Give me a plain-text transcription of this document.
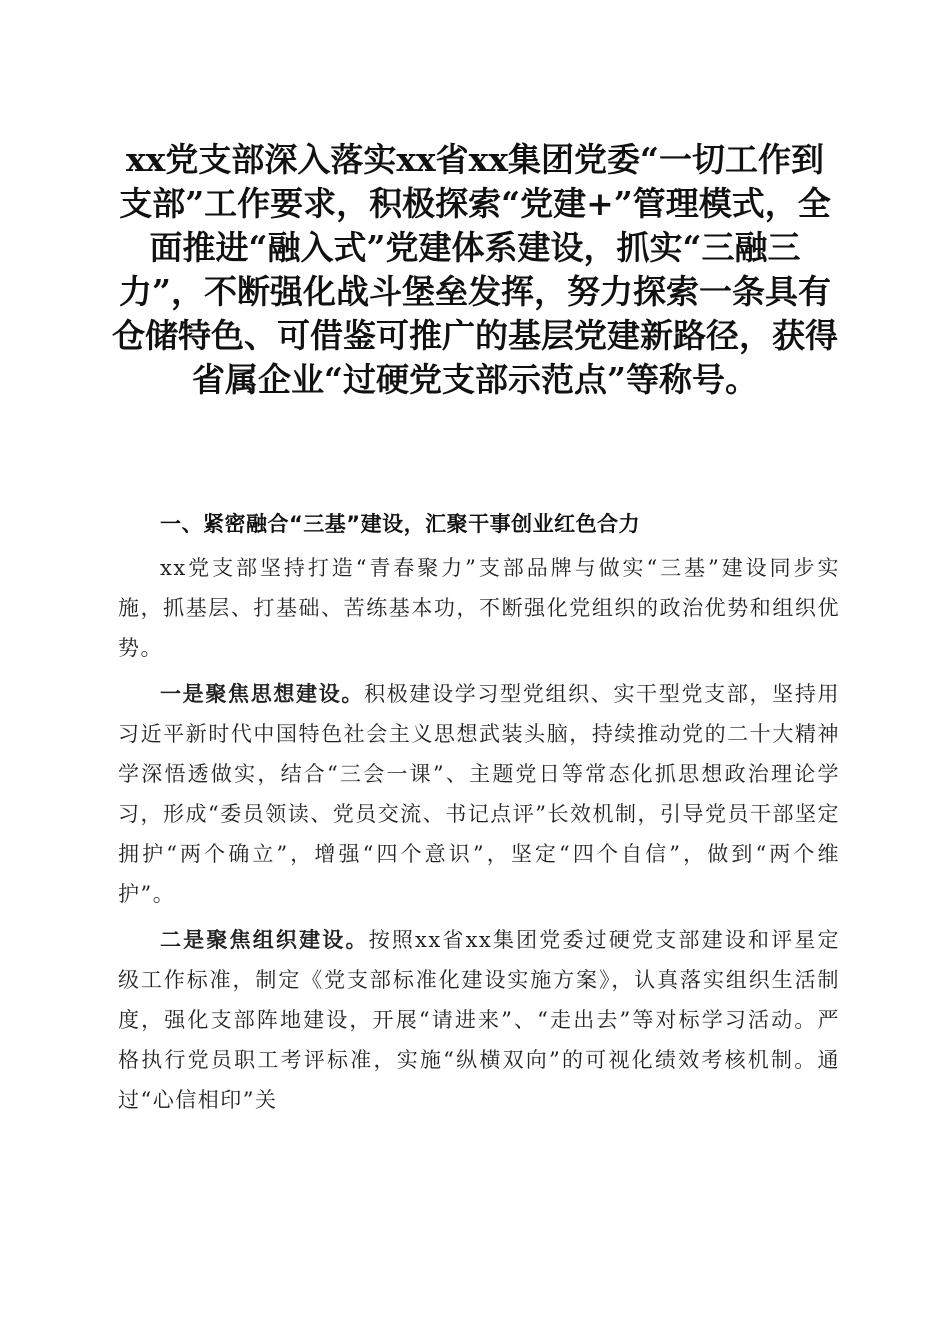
xx党支部深入落实xx省xx集团党委“一切工作到支部”工作要求，积极探索“党建+”管理模式，全面推进“融入式”党建体系建设，抓实“三融三力”，不断强化战斗堡垒发挥，努力探索一条具有仓储特色、可借鉴可推广的基层党建新路径，获得省属企业“过硬党支部示范点”等称号。

一、紧密融合“三基”建设，汇聚干事创业红色合力

xx党支部坚持打造“青春聚力”支部品牌与做实“三基”建设同步实施，抓基层、打基础、苦练基本功，不断强化党组织的政治优势和组织优势。

一是聚焦思想建设。积极建设学习型党组织、实干型党支部，坚持用习近平新时代中国特色社会主义思想武装头脑，持续推动党的二十大精神学深悟透做实，结合“三会一课”、主题党日等常态化抓思想政治理论学习，形成“委员领读、党员交流、书记点评”长效机制，引导党员干部坚定拥护“两个确立”，增强“四个意识”，坚定“四个自信”，做到“两个维护”。

二是聚焦组织建设。按照xx省xx集团党委过硬党支部建设和评星定级工作标准，制定《党支部标准化建设实施方案》，认真落实组织生活制度，强化支部阵地建设，开展“请进来”、“走出去”等对标学习活动。严格执行党员职工考评标准，实施“纵横双向”的可视化绩效考核机制。通过“心信相印”关
